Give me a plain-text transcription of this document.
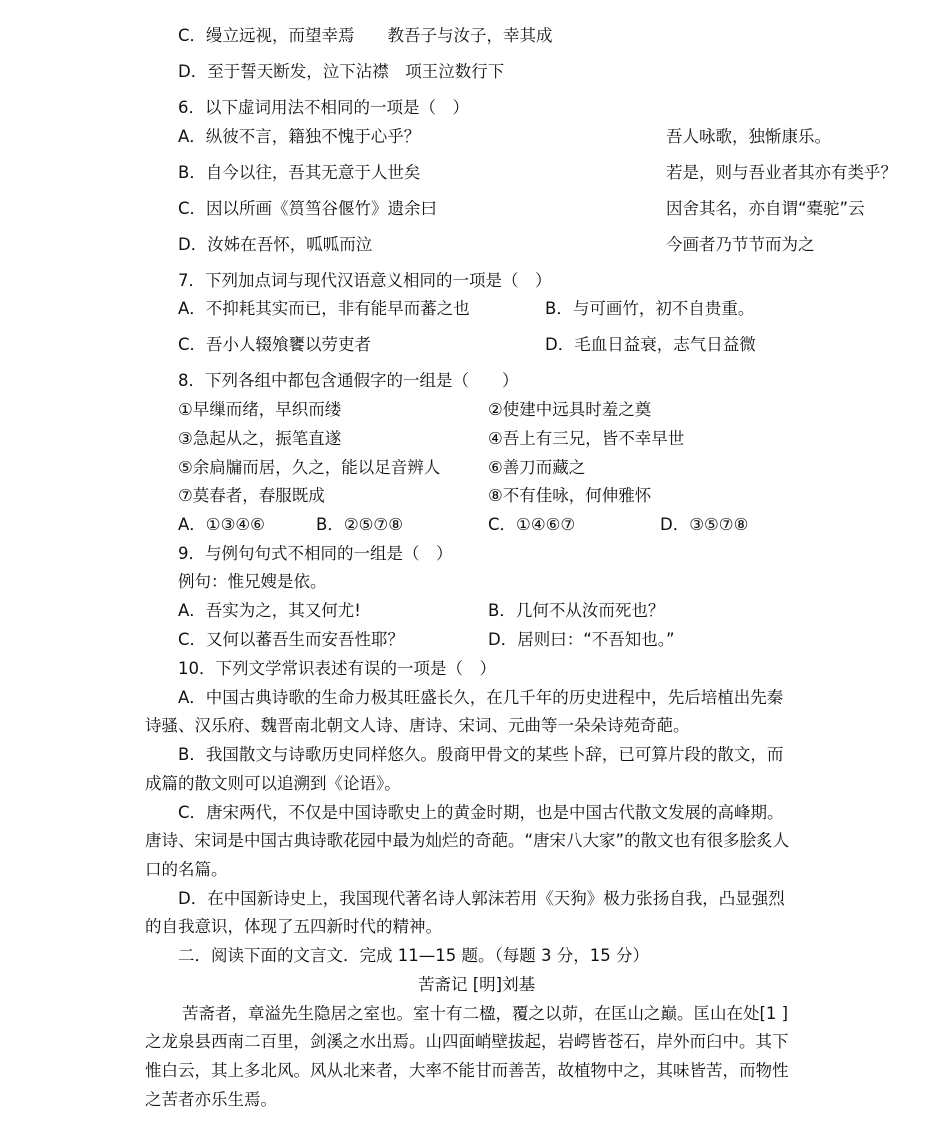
C．缦立远视，而望幸焉　　教吾子与汝子，幸其成
D．至于誓天断发，泣下沾襟　项王泣数行下
6．以下虚词用法不相同的一项是（　）
A．纵彼不言，籍独不愧于心乎？	吾人咏歌，独惭康乐。
B．自今以往，吾其无意于人世矣	若是，则与吾业者其亦有类乎？
C．因以所画《筼筜谷偃竹》遗余曰	因舍其名，亦自谓“橐驼”云
D．汝姊在吾怀，呱呱而泣	今画者乃节节而为之
7．下列加点词与现代汉语意义相同的一项是（　）
A．不抑耗其实而已，非有能早而蕃之也	B．与可画竹，初不自贵重。
C．吾小人辍飧饔以劳吏者	D．毛血日益衰，志气日益微
8．下列各组中都包含通假字的一组是（　　）
①早缫而绪，早织而缕	②使建中远具时羞之奠
③急起从之，振笔直遂	④吾上有三兄，皆不幸早世
⑤余扃牖而居，久之，能以足音辨人	⑥善刀而藏之
⑦莫春者，春服既成	⑧不有佳咏，何伸雅怀
A．①③④⑥	B．②⑤⑦⑧	C．①④⑥⑦	D．③⑤⑦⑧
9．与例句句式不相同的一组是（　）
例句：惟兄嫂是依。
A．吾实为之，其又何尤!	B．几何不从汝而死也？
C．又何以蕃吾生而安吾性耶？	D．居则曰：“不吾知也。”
10．下列文学常识表述有误的一项是（　）
A．中国古典诗歌的生命力极其旺盛长久，在几千年的历史进程中，先后培植出先秦
诗骚、汉乐府、魏晋南北朝文人诗、唐诗、宋词、元曲等一朵朵诗苑奇葩。
B．我国散文与诗歌历史同样悠久。殷商甲骨文的某些卜辞，已可算片段的散文，而
成篇的散文则可以追溯到《论语》。
C．唐宋两代，不仅是中国诗歌史上的黄金时期，也是中国古代散文发展的高峰期。
唐诗、宋词是中国古典诗歌花园中最为灿烂的奇葩。“唐宋八大家”的散文也有很多脍炙人
口的名篇。
D．在中国新诗史上，我国现代著名诗人郭沫若用《天狗》极力张扬自我，凸显强烈
的自我意识，体现了五四新时代的精神。
二．阅读下面的文言文．完成 11—15 题。（每题 3 分，15 分）
苦斋记 [明]刘基
苦斋者，章溢先生隐居之室也。室十有二楹，覆之以茆，在匡山之巅。匡山在处[1 ]
之龙泉县西南二百里，剑溪之水出焉。山四面峭壁拔起，岩崿皆苍石，岸外而臼中。其下
惟白云，其上多北风。风从北来者，大率不能甘而善苦，故植物中之，其味皆苦，而物性
之苦者亦乐生焉。
